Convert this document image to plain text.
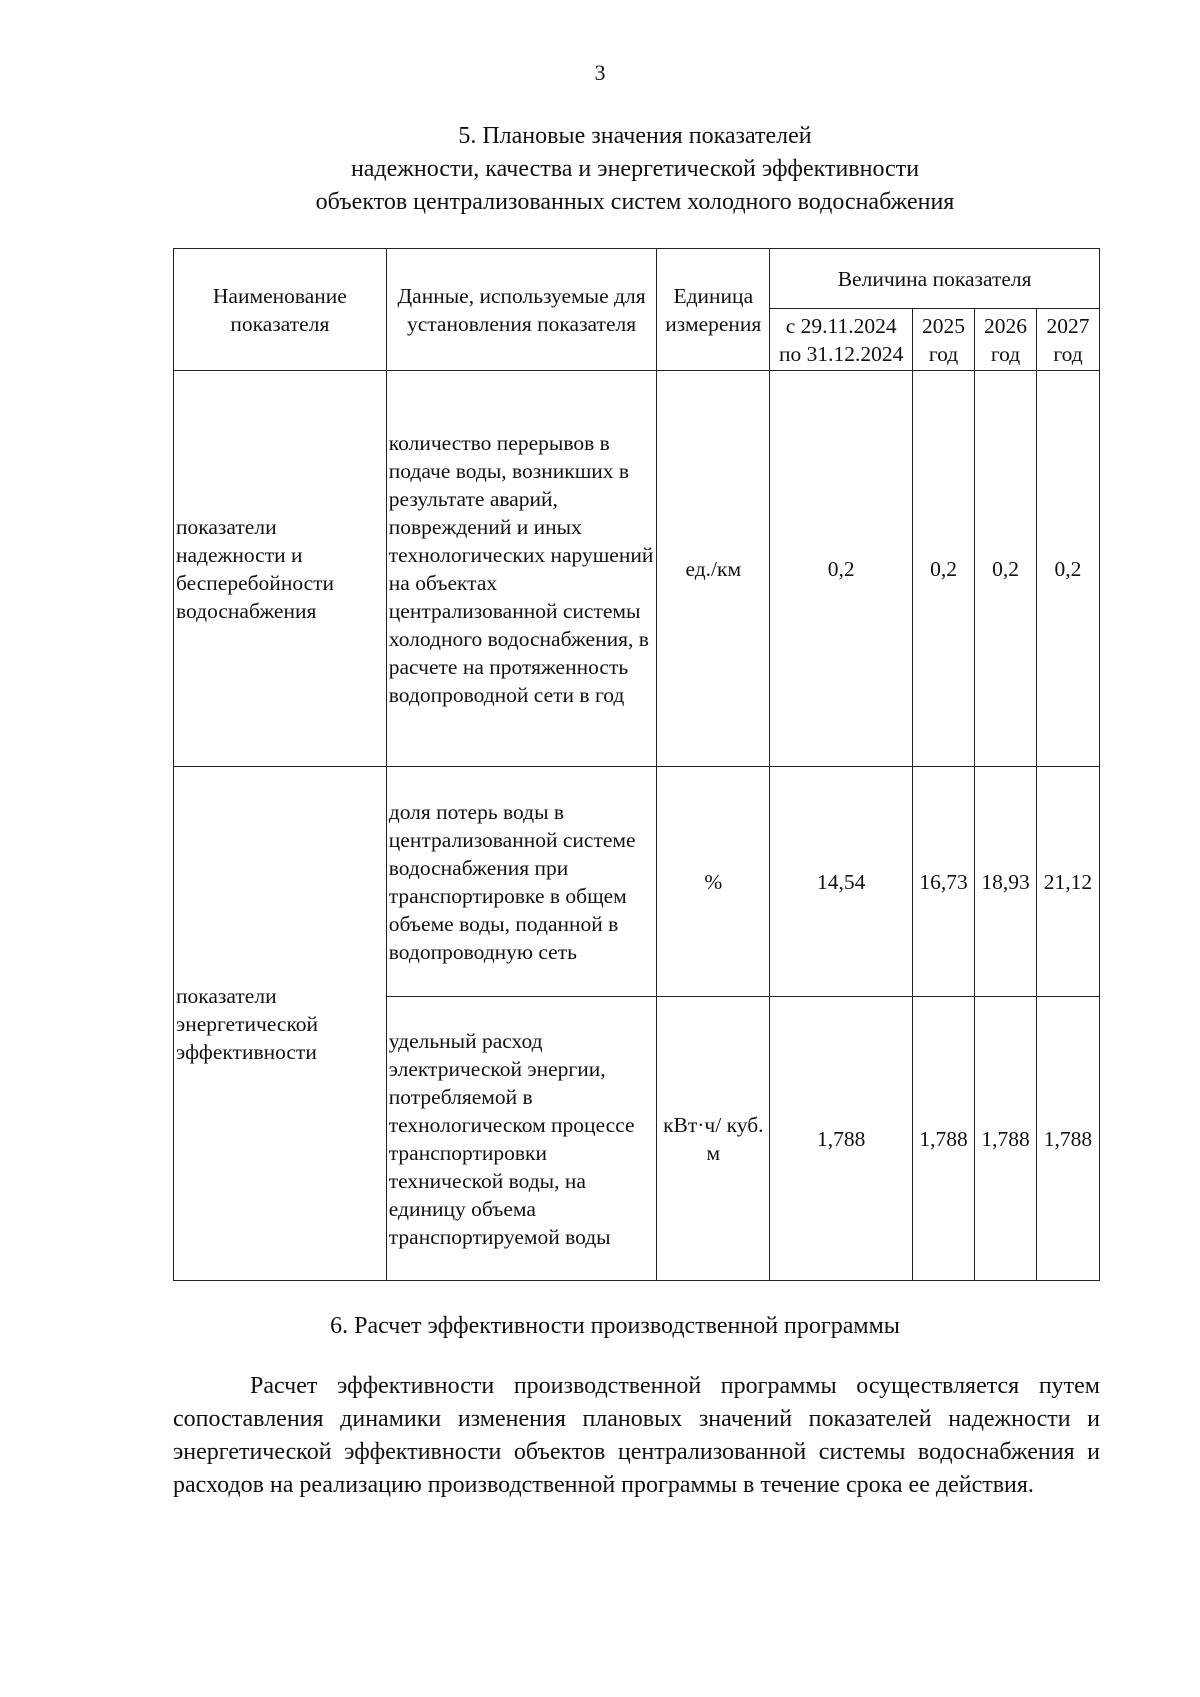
3
5. Плановые значения показателей
надежности, качества и энергетической эффективности
объектов централизованных систем холодного водоснабжения
Наименование показателя	Данные, используемые для установления показателя	Единица измерения	Величина показателя			
			с 29.11.2024 по 31.12.2024	2025 год	2026 год	2027 год
показатели надежности и бесперебойности водоснабжения	количество перерывов в подаче воды, возникших в результате аварий, повреждений и иных технологических нарушений на объектах централизованной системы холодного водоснабжения, в расчете на протяженность водопроводной сети в год	ед./км	0,2	0,2	0,2	0,2
показатели энергетической эффективности	доля потерь воды в централизованной системе водоснабжения при транспортировке в общем объеме воды, поданной в водопроводную сеть	%	14,54	16,73	18,93	21,12
	удельный расход электрической энергии, потребляемой в технологическом процессе транспортировки технической воды, на единицу объема транспортируемой воды	кВт·ч/ куб. м	1,788	1,788	1,788	1,788
6. Расчет эффективности производственной программы
Расчет эффективности производственной программы осуществляется путем сопоставления динамики изменения плановых значений показателей надежности и энергетической эффективности объектов централизованной системы водоснабжения и расходов на реализацию производственной программы в течение срока ее действия.
